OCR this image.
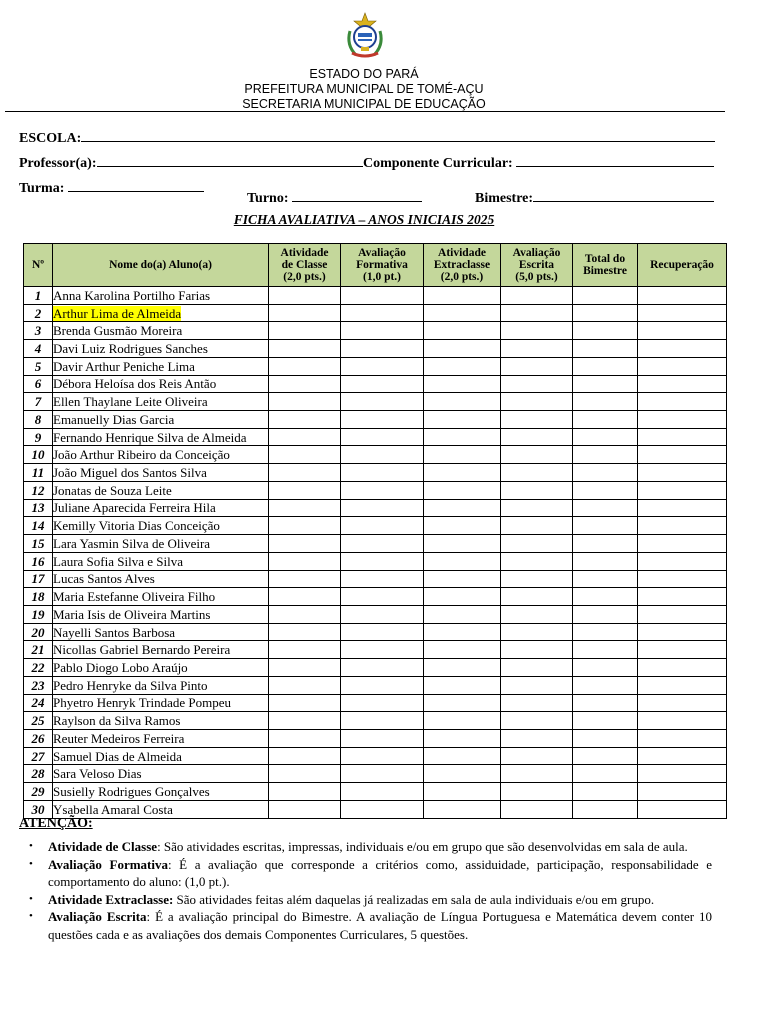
ESTADO DO PARÁ
PREFEITURA MUNICIPAL DE TOMÉ-AÇU
SECRETARIA MUNICIPAL DE EDUCAÇÃO
ESCOLA:
Professor(a):	Componente Curricular:
Turma:
Turno:	Bimestre:
FICHA AVALIATIVA – ANOS INICIAIS 2025
Nº	Nome do(a) Aluno(a)	Atividade
de Classe
(2,0 pts.)	Avaliação
Formativa
(1,0 pt.)	Atividade
Extraclasse
(2,0 pts.)	Avaliação
Escrita
(5,0 pts.)	Total do
Bimestre	Recuperação
1	Anna Karolina Portilho Farias						
2	Arthur Lima de Almeida						
3	Brenda Gusmão Moreira						
4	Davi Luiz Rodrigues Sanches						
5	Davir Arthur Peniche Lima						
6	Débora Heloísa dos Reis Antão						
7	Ellen Thaylane Leite Oliveira						
8	Emanuelly Dias Garcia						
9	Fernando Henrique Silva de Almeida						
10	João Arthur Ribeiro da Conceição						
11	João Miguel dos Santos Silva						
12	Jonatas de Souza Leite						
13	Juliane Aparecida Ferreira Hila						
14	Kemilly Vitoria Dias Conceição						
15	Lara Yasmin Silva de Oliveira						
16	Laura Sofia Silva e Silva						
17	Lucas Santos Alves						
18	Maria Estefanne Oliveira Filho						
19	Maria Isis de Oliveira Martins						
20	Nayelli Santos Barbosa						
21	Nicollas Gabriel Bernardo Pereira						
22	Pablo Diogo Lobo Araújo						
23	Pedro Henryke da Silva Pinto						
24	Phyetro Henryk Trindade Pompeu						
25	Raylson da Silva Ramos						
26	Reuter Medeiros Ferreira						
27	Samuel Dias de Almeida						
28	Sara Veloso Dias						
29	Susielly Rodrigues Gonçalves						
30	Ysabella Amaral Costa						
ATENÇÃO:
• Atividade de Classe: São atividades escritas, impressas, individuais e/ou em grupo que são desenvolvidas em sala de aula.
• Avaliação Formativa: É a avaliação que corresponde a critérios como, assiduidade, participação, responsabilidade e comportamento do aluno: (1,0 pt.).
• Atividade Extraclasse: São atividades feitas além daquelas já realizadas em sala de aula individuais e/ou em grupo.
• Avaliação Escrita: É a avaliação principal do Bimestre. A avaliação de Língua Portuguesa e Matemática devem conter 10 questões cada e as avaliações dos demais Componentes Curriculares, 5 questões.
